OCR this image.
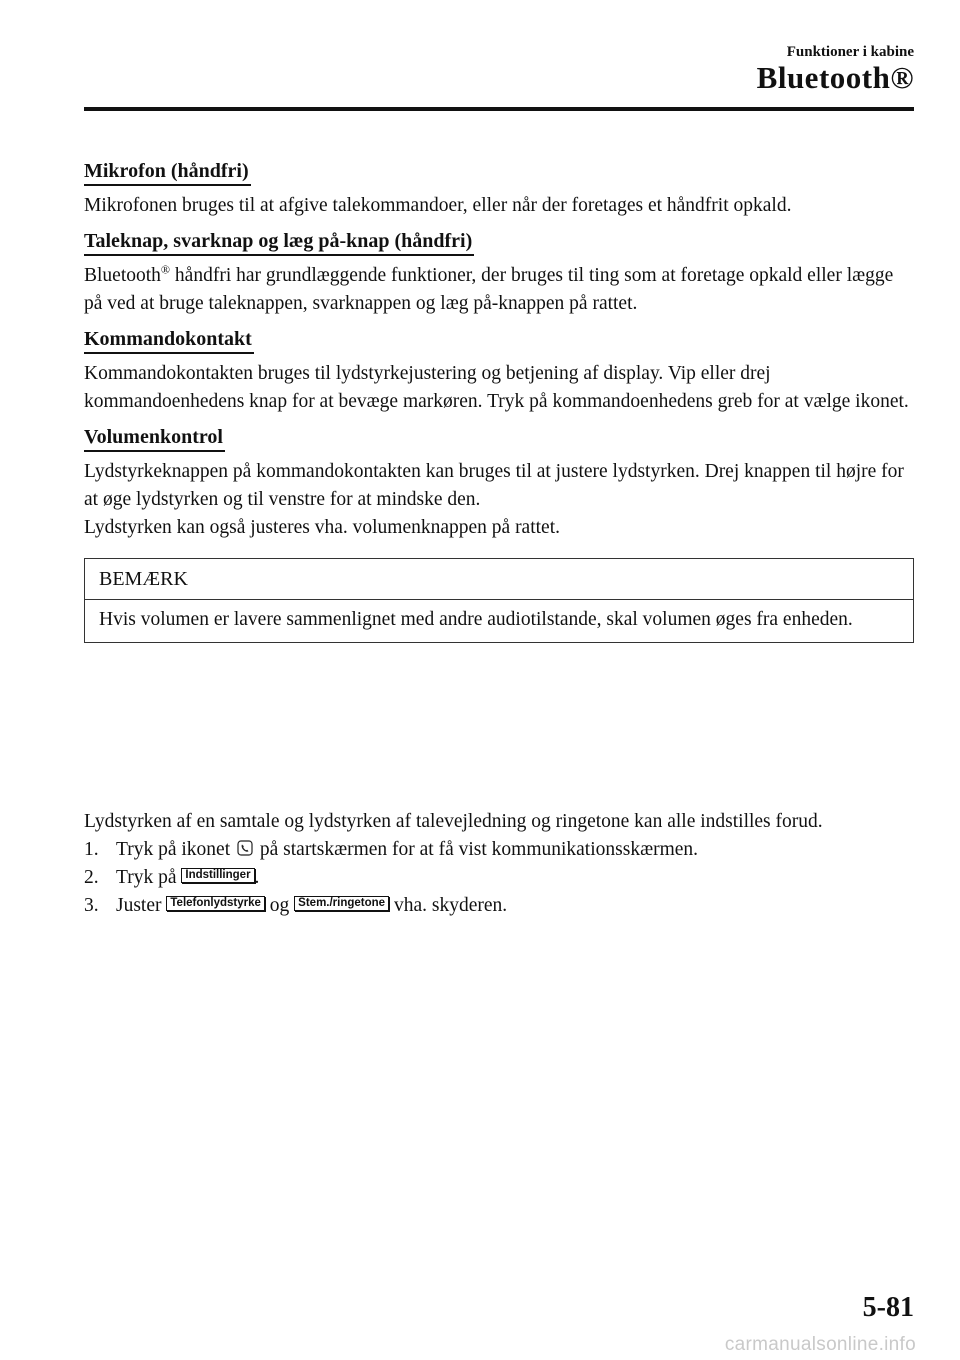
Funktioner i kabine
Bluetooth®
Mikrofon (håndfri)

Mikrofonen bruges til at afgive talekommandoer, eller når der foretages et håndfrit opkald.

Taleknap, svarknap og læg på-knap (håndfri)

Bluetooth® håndfri har grundlæggende funktioner, der bruges til ting som at foretage opkald eller lægge på ved at bruge taleknappen, svarknappen og læg på-knappen på rattet.

Kommandokontakt

Kommandokontakten bruges til lydstyrkejustering og betjening af display. Vip eller drej kommandoenhedens knap for at bevæge markøren. Tryk på kommandoenhedens greb for at vælge ikonet.

Volumenkontrol

Lydstyrkeknappen på kommandokontakten kan bruges til at justere lydstyrken. Drej knappen til højre for at øge lydstyrken og til venstre for at mindske den.

Lydstyrken kan også justeres vha. volumenknappen på rattet.

BEMÆRK
Hvis volumen er lavere sammenlignet med andre audiotilstande, skal volumen øges fra enheden.
Lydstyrken af en samtale og lydstyrken af talevejledning og ringetone kan alle indstilles forud.
1. Tryk på ikonet på startskærmen for at få vist kommunikationsskærmen.
2. Tryk på Indstillinger .
3. Juster Telefonlydstyrke og Stem./ringetone vha. skyderen.
5-81
carmanualsonline.info
